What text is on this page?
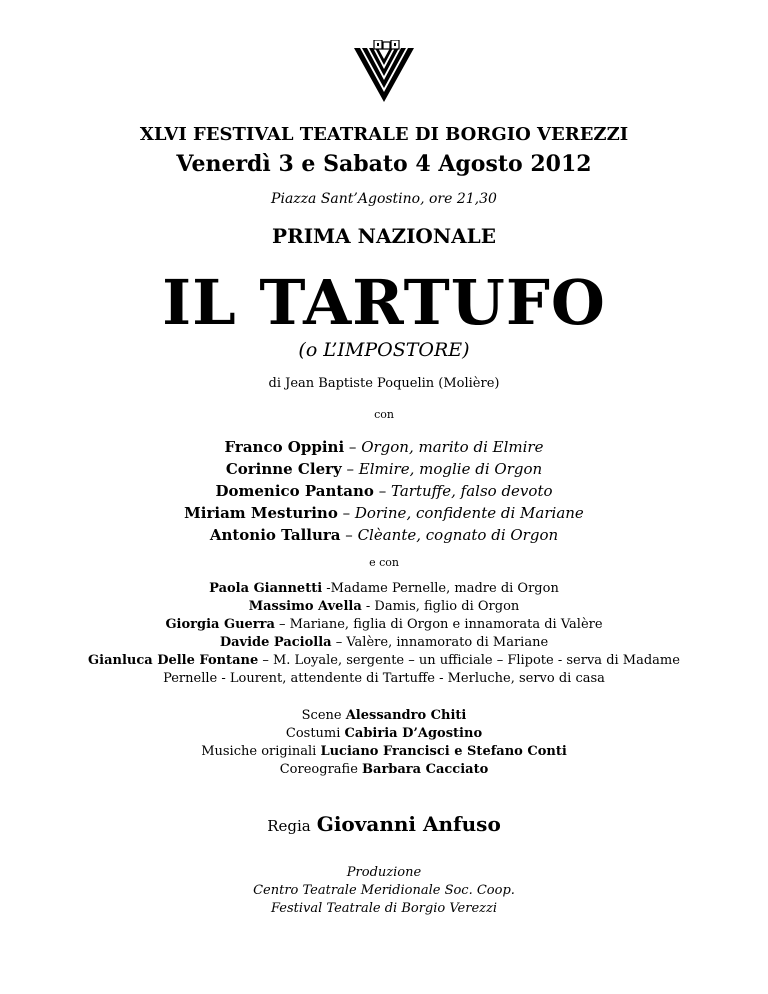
XLVI FESTIVAL TEATRALE DI BORGIO VEREZZI
Venerdì 3 e Sabato 4 Agosto 2012
Piazza Sant’Agostino, ore 21,30
PRIMA NAZIONALE
IL TARTUFO
(o L’IMPOSTORE)
di Jean Baptiste Poquelin (Molière)
con
Franco Oppini – Orgon, marito di Elmire
Corinne Clery – Elmire, moglie di Orgon
Domenico Pantano – Tartuffe, falso devoto
Miriam Mesturino – Dorine, confidente di Mariane
Antonio Tallura – Clèante, cognato di Orgon
e con
Paola Giannetti -Madame Pernelle, madre di Orgon
Massimo Avella - Damis, figlio di Orgon
Giorgia Guerra – Mariane, figlia di Orgon e innamorata di Valère
Davide Paciolla – Valère, innamorato di Mariane
Gianluca Delle Fontane – M. Loyale, sergente – un ufficiale – Flipote - serva di Madame
Pernelle - Lourent, attendente di Tartuffe - Merluche, servo di casa
Scene Alessandro Chiti
Costumi Cabiria D’Agostino
Musiche originali Luciano Francisci e Stefano Conti
Coreografie Barbara Cacciato
Regia Giovanni Anfuso
Produzione
Centro Teatrale Meridionale Soc. Coop.
Festival Teatrale di Borgio Verezzi
